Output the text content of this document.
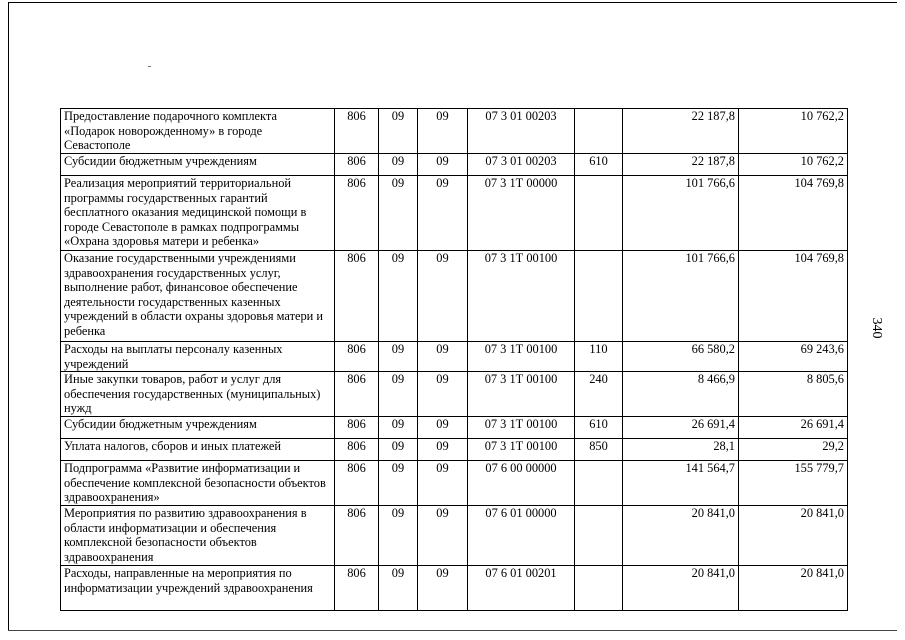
340
Предоставление подарочного комплекта «Подарок новорожденному» в городе Севастополе	806	09	09	07 3 01 00203		22 187,8	10 762,2
Субсидии бюджетным учреждениям	806	09	09	07 3 01 00203	610	22 187,8	10 762,2
Реализация мероприятий территориальной программы государственных гарантий бесплатного оказания медицинской помощи в городе Севастополе в рамках подпрограммы «Охрана здоровья матери и ребенка»	806	09	09	07 3 1Т 00000		101 766,6	104 769,8
Оказание государственными учреждениями здравоохранения государственных услуг, выполнение работ, финансовое обеспечение деятельности государственных казенных учреждений в области охраны здоровья матери и ребенка	806	09	09	07 3 1Т 00100		101 766,6	104 769,8
Расходы на выплаты персоналу казенных учреждений	806	09	09	07 3 1Т 00100	110	66 580,2	69 243,6
Иные закупки товаров, работ и услуг для обеспечения государственных (муниципальных) нужд	806	09	09	07 3 1Т 00100	240	8 466,9	8 805,6
Субсидии бюджетным учреждениям	806	09	09	07 3 1Т 00100	610	26 691,4	26 691,4
Уплата налогов, сборов и иных платежей	806	09	09	07 3 1Т 00100	850	28,1	29,2
Подпрограмма «Развитие информатизации и обеспечение комплексной безопасности объектов здравоохранения»	806	09	09	07 6 00 00000		141 564,7	155 779,7
Мероприятия по развитию здравоохранения в области информатизации и обеспечения комплексной безопасности объектов здравоохранения	806	09	09	07 6 01 00000		20 841,0	20 841,0
Расходы, направленные на мероприятия по информатизации учреждений здравоохранения	806	09	09	07 6 01 00201		20 841,0	20 841,0
